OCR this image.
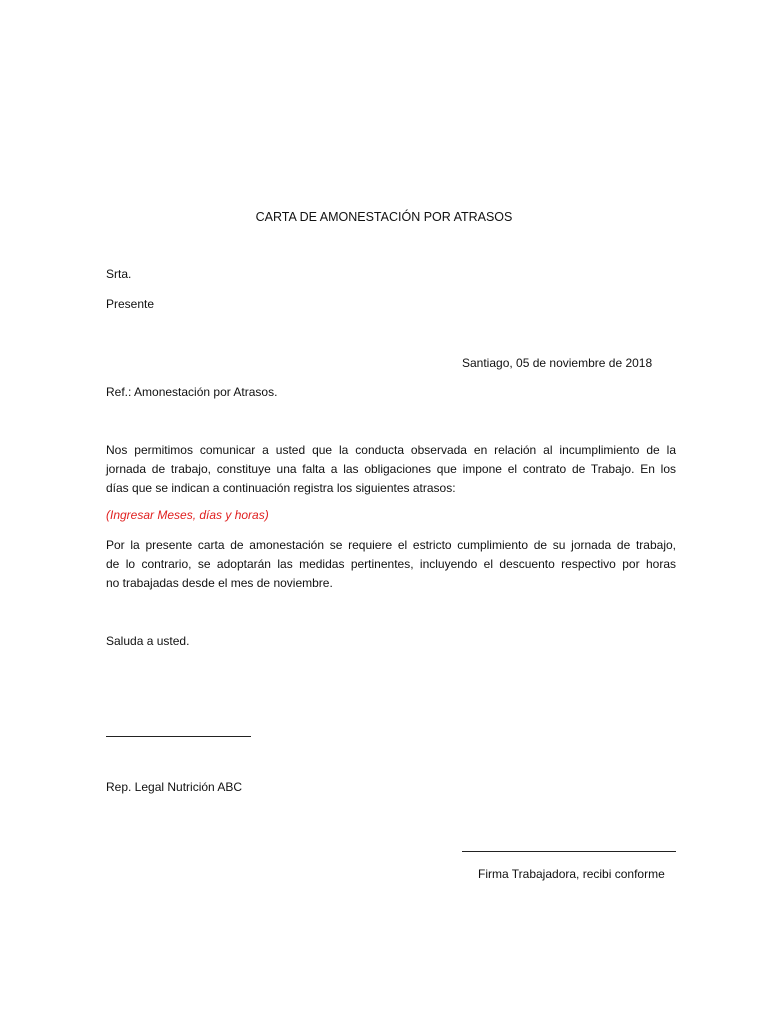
CARTA DE AMONESTACIÓN POR ATRASOS
Srta.
Presente
Santiago, 05 de noviembre de 2018
Ref.: Amonestación por Atrasos.
Nos permitimos comunicar a usted que la conducta observada en relación al incumplimiento de la
jornada de trabajo, constituye una falta a las obligaciones que impone el contrato de Trabajo. En los
días que se indican a continuación registra los siguientes atrasos:
(Ingresar Meses, días y horas)
Por la presente carta de amonestación se requiere el estricto cumplimiento de su jornada de trabajo,
de lo contrario, se adoptarán las medidas pertinentes, incluyendo el descuento respectivo por horas
no trabajadas desde el mes de noviembre.
Saluda a usted.
Rep. Legal Nutrición ABC
Firma Trabajadora, recibi conforme
